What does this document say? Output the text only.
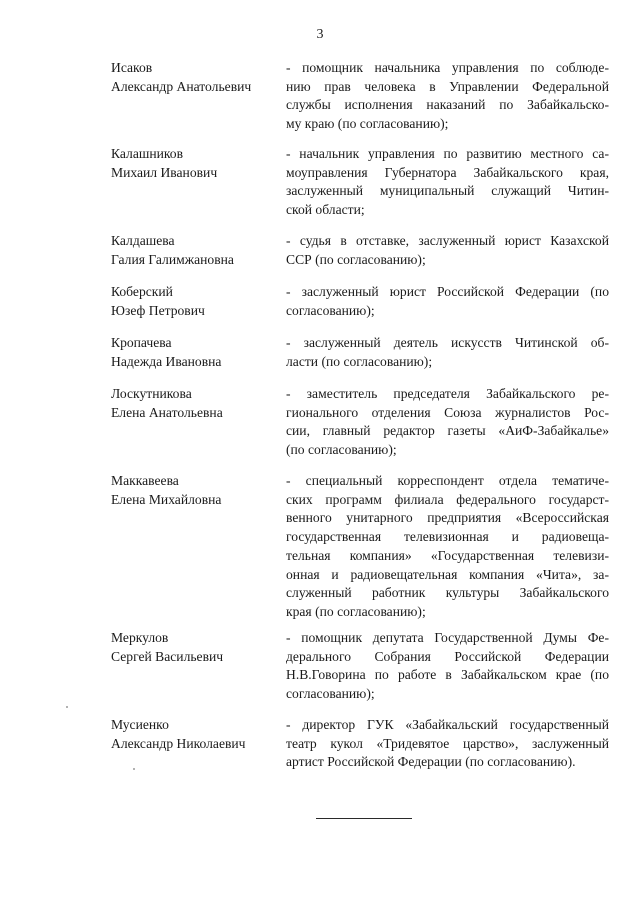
3
Исаков
Александр Анатольевич
- помощник начальника управления по соблюде-
нию прав человека в Управлении Федеральной
службы исполнения наказаний по Забайкальско-
му краю (по согласованию);
Калашников
Михаил Иванович
- начальник управления по развитию местного са-
моуправления Губернатора Забайкальского края,
заслуженный муниципальный служащий Читин-
ской области;
Калдашева
Галия Галимжановна
- судья в отставке, заслуженный юрист Казахской
ССР (по согласованию);
Коберский
Юзеф Петрович
- заслуженный юрист Российской Федерации (по
согласованию);
Кропачева
Надежда Ивановна
- заслуженный деятель искусств Читинской об-
ласти (по согласованию);
Лоскутникова
Елена Анатольевна
- заместитель председателя Забайкальского ре-
гионального отделения Союза журналистов Рос-
сии, главный редактор газеты «АиФ-Забайкалье»
(по согласованию);
Маккавеева
Елена Михайловна
- специальный корреспондент отдела тематиче-
ских программ филиала федерального государст-
венного унитарного предприятия «Всероссийская
государственная телевизионная и радиовеща-
тельная компания» «Государственная телевизи-
онная и радиовещательная компания «Чита», за-
служенный работник культуры Забайкальского
края (по согласованию);
Меркулов
Сергей Васильевич
- помощник депутата Государственной Думы Фе-
дерального Собрания Российской Федерации
Н.В.Говорина по работе в Забайкальском крае (по
согласованию);
Мусиенко
Александр Николаевич
- директор ГУК «Забайкальский государственный
театр кукол «Тридевятое царство», заслуженный
артист Российской Федерации (по согласованию).
